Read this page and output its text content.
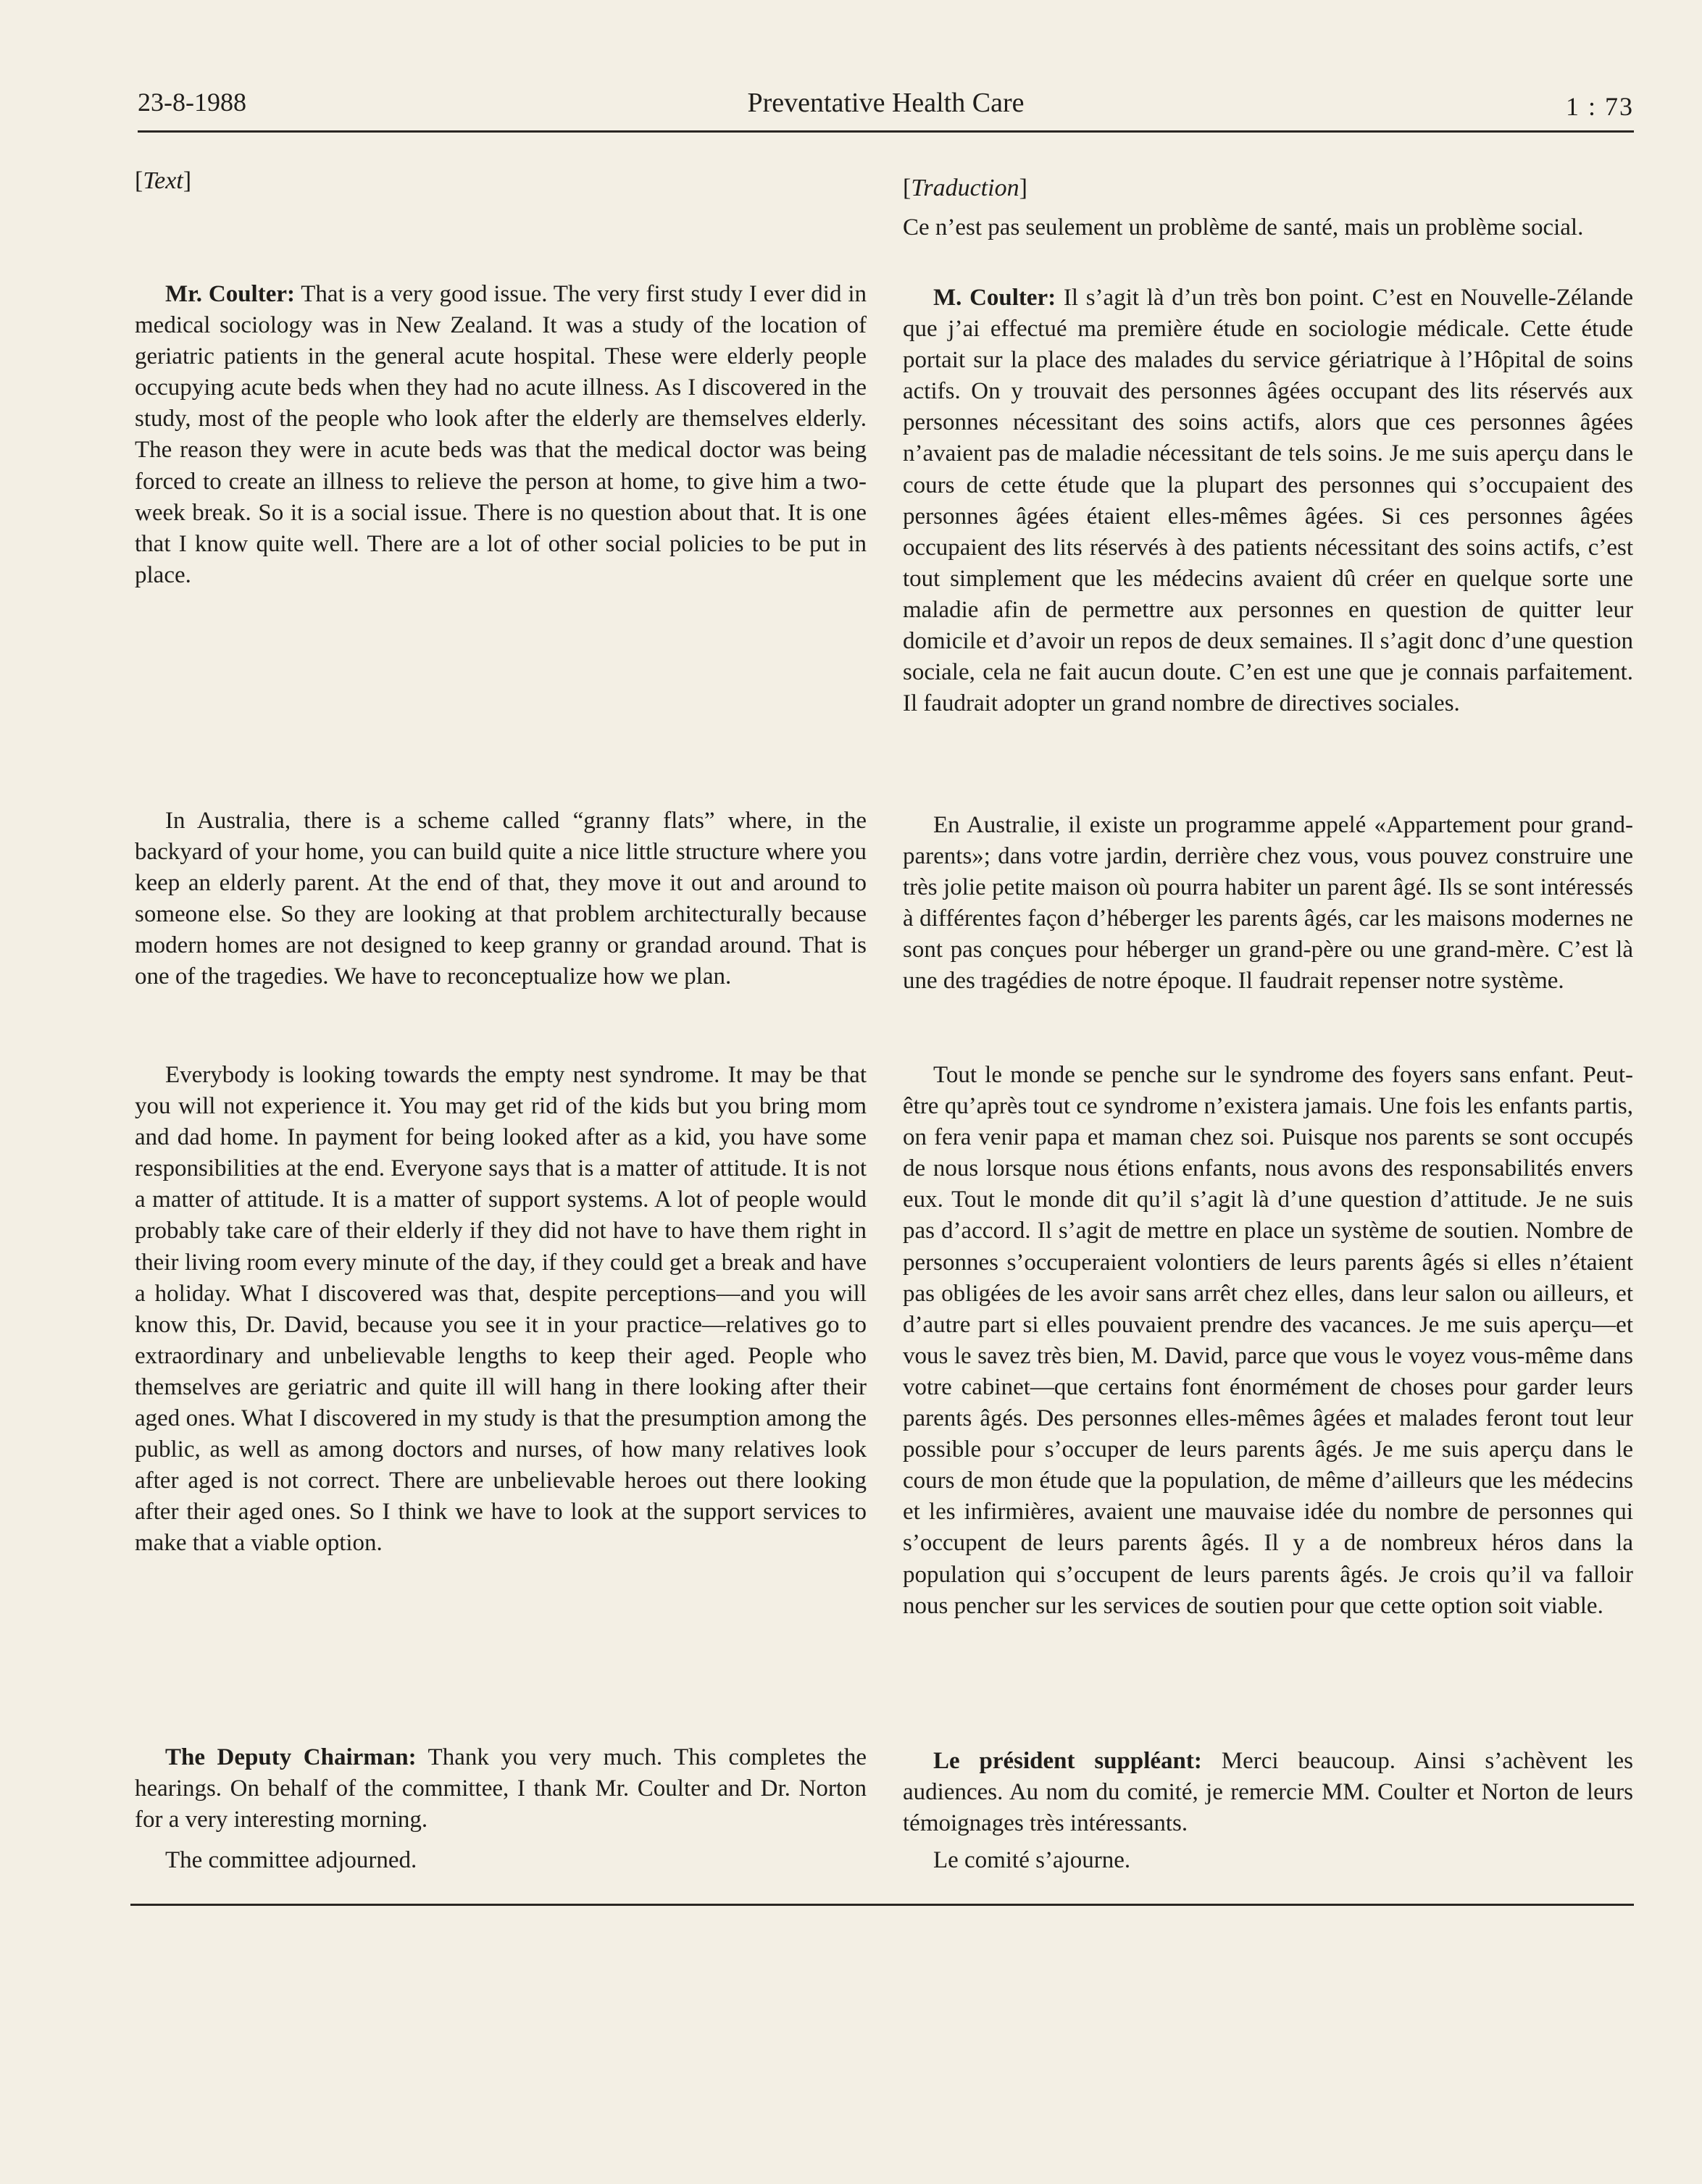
23-8-1988	Preventative Health Care	1 : 73

[Text]

Mr. Coulter: That is a very good issue. The very first study I ever did in medical sociology was in New Zealand. It was a study of the location of geriatric patients in the general acute hospital. These were elderly people occupying acute beds when they had no acute illness. As I discovered in the study, most of the people who look after the elderly are themselves elderly. The reason they were in acute beds was that the medical doctor was being forced to create an illness to relieve the person at home, to give him a two-week break. So it is a social issue. There is no question about that. It is one that I know quite well. There are a lot of other social policies to be put in place.

In Australia, there is a scheme called “granny flats” where, in the backyard of your home, you can build quite a nice little structure where you keep an elderly parent. At the end of that, they move it out and around to someone else. So they are looking at that problem architecturally because modern homes are not designed to keep granny or grandad around. That is one of the tragedies. We have to reconceptualize how we plan.

Everybody is looking towards the empty nest syndrome. It may be that you will not experience it. You may get rid of the kids but you bring mom and dad home. In payment for being looked after as a kid, you have some responsibilities at the end. Everyone says that is a matter of attitude. It is not a matter of attitude. It is a matter of support systems. A lot of people would probably take care of their elderly if they did not have to have them right in their living room every minute of the day, if they could get a break and have a holiday. What I discovered was that, despite perceptions—and you will know this, Dr. David, because you see it in your practice—relatives go to extraordinary and unbelievable lengths to keep their aged. People who themselves are geriatric and quite ill will hang in there looking after their aged ones. What I discovered in my study is that the presumption among the public, as well as among doctors and nurses, of how many relatives look after aged is not correct. There are unbelievable heroes out there looking after their aged ones. So I think we have to look at the support services to make that a viable option.

The Deputy Chairman: Thank you very much. This completes the hearings. On behalf of the committee, I thank Mr. Coulter and Dr. Norton for a very interesting morning.

The committee adjourned.

[Traduction]

Ce n’est pas seulement un problème de santé, mais un problème social.

M. Coulter: Il s’agit là d’un très bon point. C’est en Nouvelle-Zélande que j’ai effectué ma première étude en sociologie médicale. Cette étude portait sur la place des malades du service gériatrique à l’Hôpital de soins actifs. On y trouvait des personnes âgées occupant des lits réservés aux personnes nécessitant des soins actifs, alors que ces personnes âgées n’avaient pas de maladie nécessitant de tels soins. Je me suis aperçu dans le cours de cette étude que la plupart des personnes qui s’occupaient des personnes âgées étaient elles-mêmes âgées. Si ces personnes âgées occupaient des lits réservés à des patients nécessitant des soins actifs, c’est tout simplement que les médecins avaient dû créer en quelque sorte une maladie afin de permettre aux personnes en question de quitter leur domicile et d’avoir un repos de deux semaines. Il s’agit donc d’une question sociale, cela ne fait aucun doute. C’en est une que je connais parfaitement. Il faudrait adopter un grand nombre de directives sociales.

En Australie, il existe un programme appelé «Appartement pour grand-parents»; dans votre jardin, derrière chez vous, vous pouvez construire une très jolie petite maison où pourra habiter un parent âgé. Ils se sont intéressés à différentes façon d’héberger les parents âgés, car les maisons modernes ne sont pas conçues pour héberger un grand-père ou une grand-mère. C’est là une des tragédies de notre époque. Il faudrait repenser notre système.

Tout le monde se penche sur le syndrome des foyers sans enfant. Peut-être qu’après tout ce syndrome n’existera jamais. Une fois les enfants partis, on fera venir papa et maman chez soi. Puisque nos parents se sont occupés de nous lorsque nous étions enfants, nous avons des responsabilités envers eux. Tout le monde dit qu’il s’agit là d’une question d’attitude. Je ne suis pas d’accord. Il s’agit de mettre en place un système de soutien. Nombre de personnes s’occuperaient volontiers de leurs parents âgés si elles n’étaient pas obligées de les avoir sans arrêt chez elles, dans leur salon ou ailleurs, et d’autre part si elles pouvaient prendre des vacances. Je me suis aperçu—et vous le savez très bien, M. David, parce que vous le voyez vous-même dans votre cabinet—que certains font énormément de choses pour garder leurs parents âgés. Des personnes elles-mêmes âgées et malades feront tout leur possible pour s’occuper de leurs parents âgés. Je me suis aperçu dans le cours de mon étude que la population, de même d’ailleurs que les médecins et les infirmières, avaient une mauvaise idée du nombre de personnes qui s’occupent de leurs parents âgés. Il y a de nombreux héros dans la population qui s’occupent de leurs parents âgés. Je crois qu’il va falloir nous pencher sur les services de soutien pour que cette option soit viable.

Le président suppléant: Merci beaucoup. Ainsi s’achèvent les audiences. Au nom du comité, je remercie MM. Coulter et Norton de leurs témoignages très intéressants.

Le comité s’ajourne.
